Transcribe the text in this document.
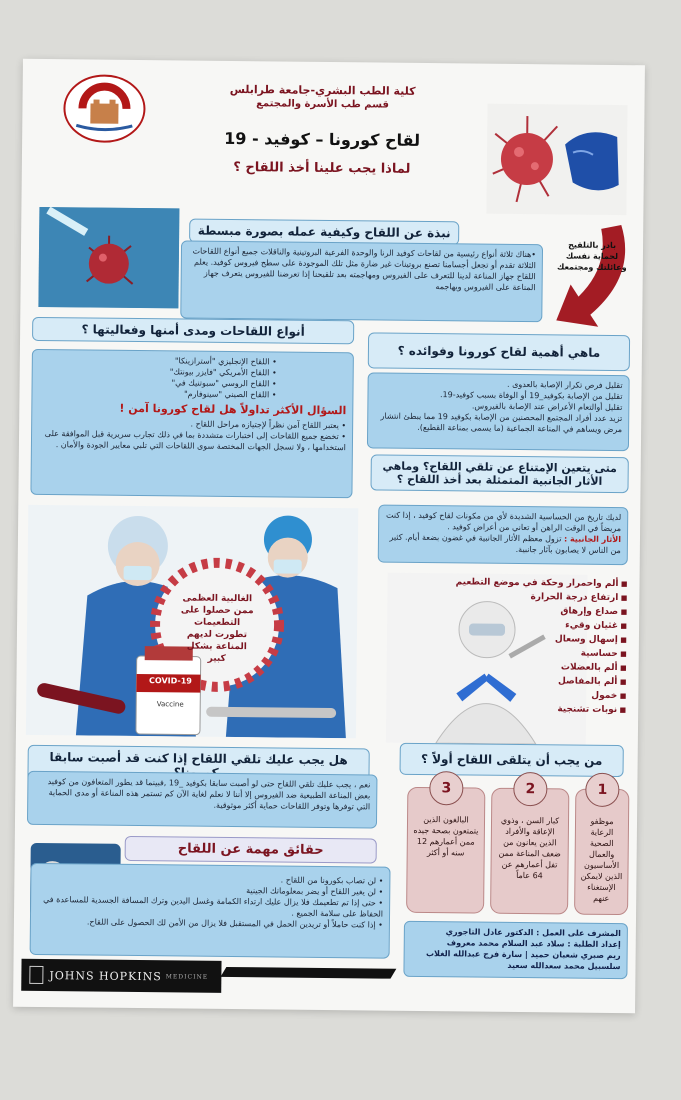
كلية الطب البشري-جامعة طرابلس
قسم طب الأسرة والمجتمع
لقاح كورونا – كوفيد - 19
لماذا يجب علينا أخذ اللقاح ؟
بادر بالتلقيح لحماية نفسك وعائلتك ومجتمعك
نبذة عن اللقاح وكيفية عمله بصورة مبسطة
•هناك ثلاثة أنواع رئيسية من لقاحات كوفيد الرنا والوحدة الفرعية البروتينية والناقلات جميع أنواع اللقاحات الثلاثة تقدم أو تجعل أجسامنا تصنع بروتينات غير ضارة مثل تلك الموجودة على سطح فيروس كوفيد. يعلم اللقاح جهاز المناعة لدينا للتعرف على الفيروس ومهاجمته بعد تلقيحنا إذا تعرضنا للفيروس يتعرف جهاز المناعة على الفيروس ويهاجمه
أنواع اللقاحات ومدى أمنها وفعاليتها ؟
• اللقاح الإنجليزي "أسترازينكا"
• اللقاح الأمريكي "فايزر بيونتك"
• اللقاح الروسي "سبوتنيك في"
• اللقاح الصيني "سينوفارم"
السؤال الأكثر تداولاً هل لقاح كورونا آمن !
• يعتبر اللقاح آمن نظراً لإجتيازه مراحل اللقاح .
• تخضع جميع اللقاحات إلى اختبارات متشددة بما في ذلك تجارب سريرية قبل الموافقة على استخدامها ، ولا تسجل الجهات المختصة سوى اللقاحات التي تلبي معايير الجودة والأمان .
ماهي أهمية لقاح كورونا وفوائده ؟
تقليل فرص تكرار الإصابة بالعدوى .
تقليل من الإصابة بكوفيد_19 أو الوفاة بسبب كوفيد-19.
تقليل أوالتعام الأعراض عند الإصابة بالفيروس.
تزيد عدد أفراد المجتمع المحصنين من الإصابة بكوفيد 19 مما يبطئ انتشار مرض ويساهم في المناعة الجماعية (ما يسمى بمناعة القطيع).
متى يتعين الإمتناع عن تلقي اللقاح؟ وماهي الأثار الجانبية المتمثلة بعد أخذ اللقاح ؟
لديك تاريخ من الحساسية الشديدة لأي من مكونات لقاح كوفيد ، إذا كنت مريضاً في الوقت الراهن أو تعاني من أعراض كوفيد .
الأثار الجانبية : تزول معظم الأثار الجانبية في غضون بضعة أيام. كثير من الناس لا يصابون بآثار جانبية.
COVID-19
Vaccine
الغالبية العظمى ممن حصلوا على التطعيمات تطورت لديهم المناعة بشكل كبير
■ ألم واحمرار وحكة في موضع التطعيم
■ ارتفاع درجة الحرارة
■ صداع وإرهاق
■ غثيان وقيء
■ إسهال وسعال
■ حساسية
■ ألم بالعضلات
■ ألم بالمفاصل
■ خمول
■ نوبات تشنجية
هل يجب عليك تلقي اللقاح إذا كنت قد أصبت سابقا
نعم ، يجب عليك تلقي اللقاح حتى لو أصبت سابقا بكوفيد _19 ,فبينما قد يطور المتعافون من كوفيد بعض المناعة الطبيعية ضد الفيروس إلا أننا لا نعلم لغاية الآن كم تستمر هذه المناعة أو مدى الحماية التي توفرها وتوفر اللقاحات حماية أكثر موثوقية.
من يجب أن يتلقى اللقاح أولاً ؟
موظفو الرعاية الصحية والعمال الأساسيون الذين لايمكن الإستغناء عنهم
1
كبار السن ، وذوي الإعاقة والأفراد الذين يعانون من ضعف المناعة ممن تفل أعمارهم عن 64 عاماً
2
البالغون الذين يتمتعون بصحة جيده ممن أعمارهم 12 سنه أو أكثر
3
حقائق مهمة عن اللقاح
• لن تصاب بكورونا من اللقاح .
• لن يغير اللقاح أو يضر بمعلوماتك الجينية
• حتى إذا تم تطعيمك فلا يزال عليك ارتداء الكمامة وغسل اليدين وترك المسافة الجسدية للمساعدة في الحفاظ على سلامة الجميع .
• إذا كنت حاملاً أو تريدين الحمل في المستقبل فلا يزال من الأمن لك الحصول على اللقاح.
المشرف على العمل : الدكتور عادل التاجوري
إعداد الطلبة : سلاد عبد السلام محمد معروف
ريم صبري شعبان حميد | سارة فرج عبدالله الغلاب
سلسبيل محمد سعدالله سعيد
JOHNS HOPKINS MEDICINE
